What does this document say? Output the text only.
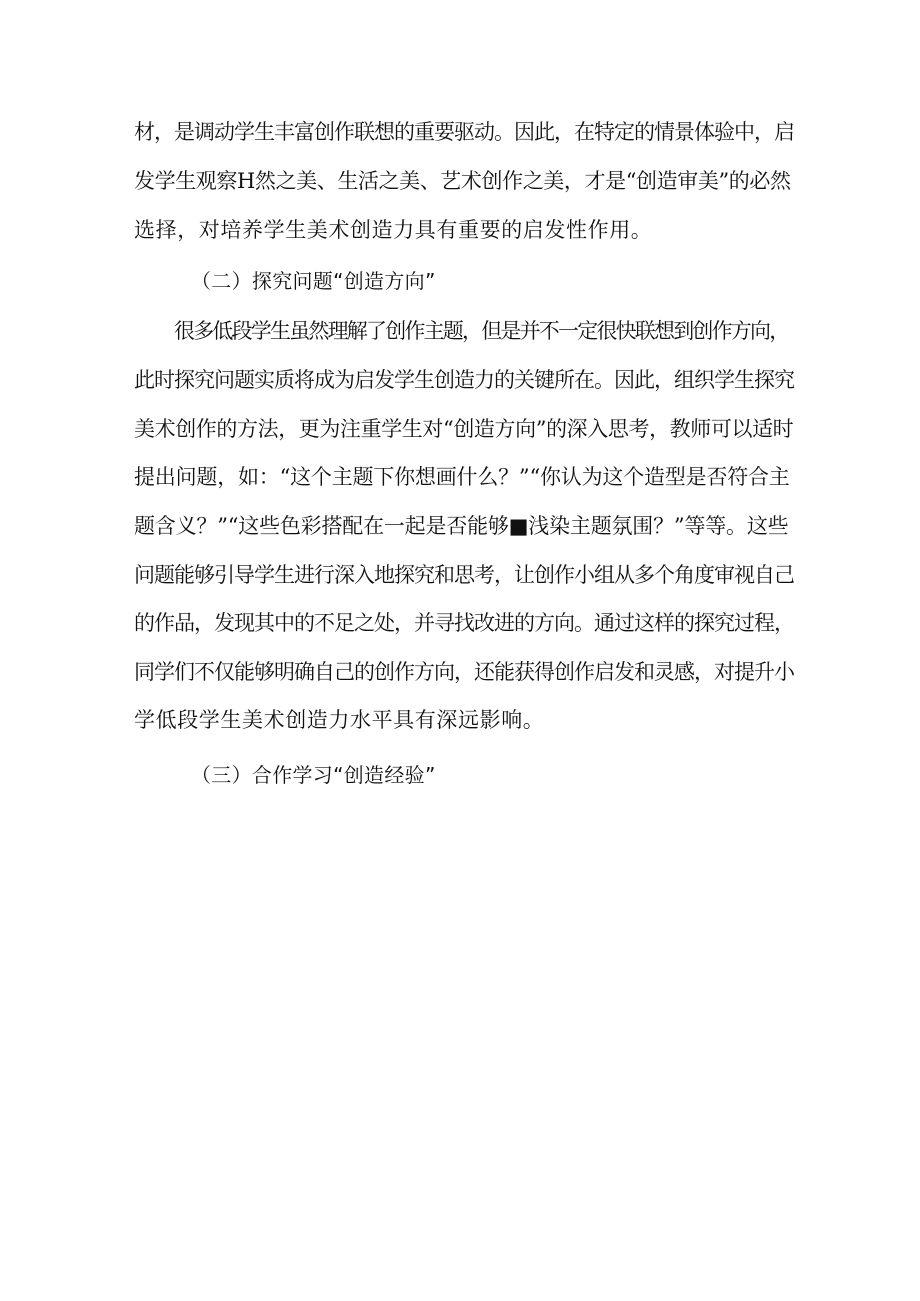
材，是调动学生丰富创作联想的重要驱动。因此，在特定的情景体验中，启
发学生观察H然之美、生活之美、艺术创作之美，才是“创造审美”的必然
选择，对培养学生美术创造力具有重要的启发性作用。
（二）探究问题“创造方向”
很多低段学生虽然理解了创作主题，但是并不一定很快联想到创作方向，
此时探究问题实质将成为启发学生创造力的关键所在。因此，组织学生探究
美术创作的方法，更为注重学生对“创造方向”的深入思考，教师可以适时
提出问题，如：“这个主题下你想画什么？”“你认为这个造型是否符合主
题含义？”“这些色彩搭配在一起是否能够■浅染主题氛围？”等等。这些
问题能够引导学生进行深入地探究和思考，让创作小组从多个角度审视自己
的作品，发现其中的不足之处，并寻找改进的方向。通过这样的探究过程，
同学们不仅能够明确自己的创作方向，还能获得创作启发和灵感，对提升小
学低段学生美术创造力水平具有深远影响。
（三）合作学习“创造经验”
